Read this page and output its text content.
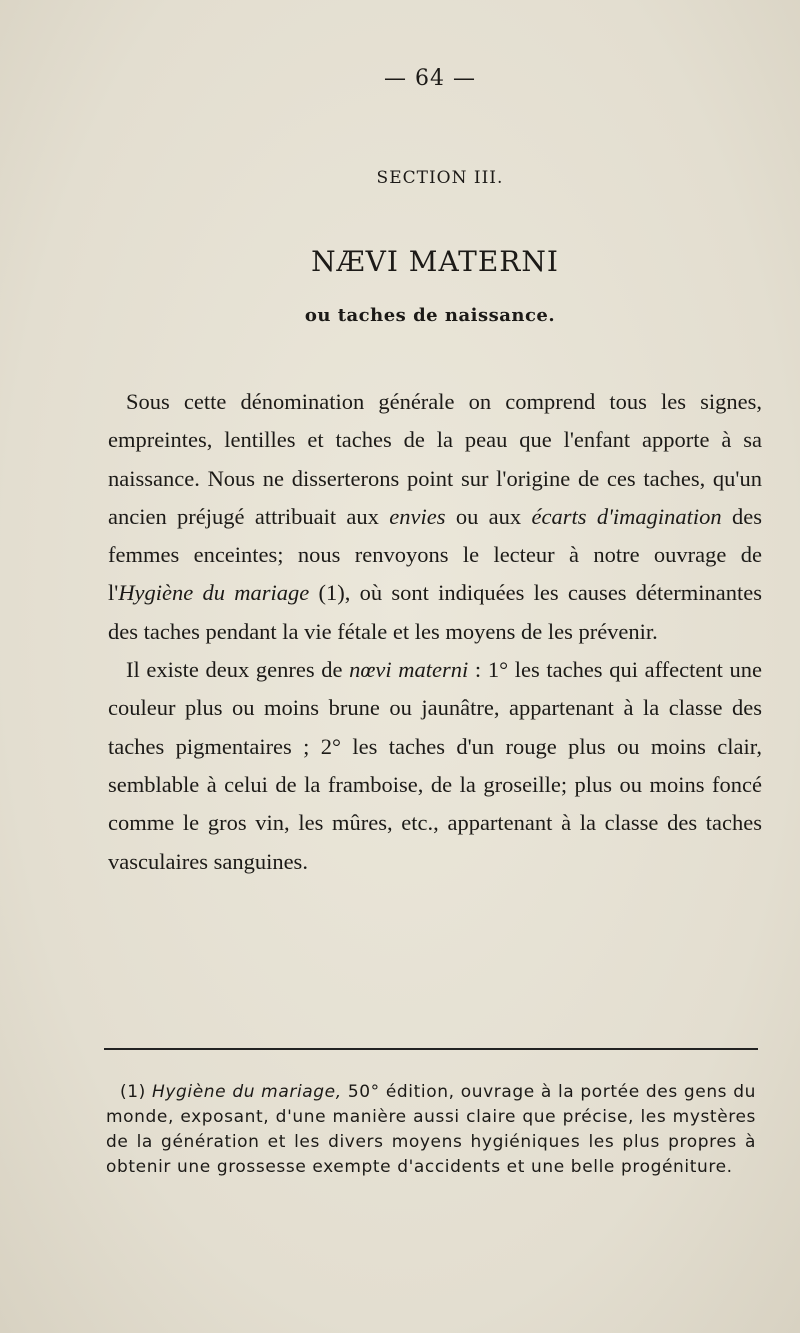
— 64 —
SECTION III.
NÆVI MATERNI
ou taches de naissance.

Sous cette dénomination générale on comprend tous les signes, empreintes, lentilles et taches de la peau que l'enfant apporte à sa naissance. Nous ne disserterons point sur l'origine de ces taches, qu'un ancien préjugé attribuait aux envies ou aux écarts d'imagination des femmes enceintes; nous renvoyons le lecteur à notre ouvrage de l'Hygiène du mariage (1), où sont indiquées les causes déterminantes des taches pendant la vie fétale et les moyens de les prévenir.

Il existe deux genres de nœvi materni : 1° les taches qui affectent une couleur plus ou moins brune ou jaunâtre, appartenant à la classe des taches pigmentaires ; 2° les taches d'un rouge plus ou moins clair, semblable à celui de la framboise, de la groseille; plus ou moins foncé comme le gros vin, les mûres, etc., appartenant à la classe des taches vasculaires sanguines.

(1) Hygiène du mariage, 50° édition, ouvrage à la portée des gens du monde, exposant, d'une manière aussi claire que précise, les mystères de la génération et les divers moyens hygiéniques les plus propres à obtenir une grossesse exempte d'accidents et une belle progéniture.
